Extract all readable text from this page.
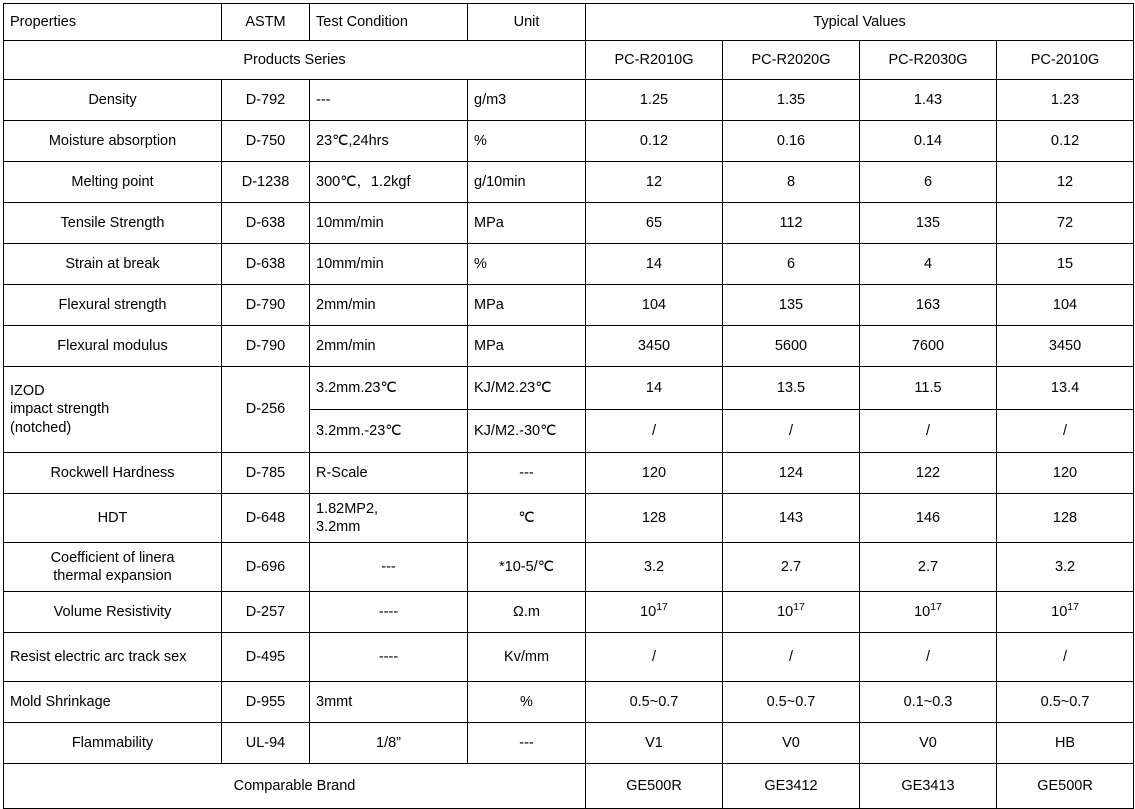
Properties	ASTM	Test Condition	Unit	Typical Values			
Products Series				PC-R2010G	PC-R2020G	PC-R2030G	PC-2010G
Density	D-792	---	g/m3	1.25	1.35	1.43	1.23
Moisture absorption	D-750	23℃,24hrs	%	0.12	0.16	0.14	0.12
Melting point	D-1238	300℃，1.2kgf	g/10min	12	8	6	12
Tensile Strength	D-638	10mm/min	MPa	65	112	135	72
Strain at break	D-638	10mm/min	%	14	6	4	15
Flexural strength	D-790	2mm/min	MPa	104	135	163	104
Flexural modulus	D-790	2mm/min	MPa	3450	5600	7600	3450

IZOD
impact strength
(notched)	D-256	3.2mm.23℃	KJ/M2.23℃	14	13.5	11.5	13.4
		3.2mm.-23℃	KJ/M2.-30℃	/	/	/	/
Rockwell Hardness	D-785	R-Scale	---	120	124	122	120
HDT	D-648	1.82MP2,
3.2mm	℃	128	143	146	128

Coefficient of linera
thermal expansion	D-696	---	*10-5/℃	3.2	2.7	2.7	3.2
Volume Resistivity	D-257	----	Ω.m	$10^{17}$	$10^{17}$	$10^{17}$	$10^{17}$
Resist electric arc track sex	D-495	----	Kv/mm	/	/	/	/
Mold Shrinkage	D-955	3mmt	%	0.5~0.7	0.5~0.7	0.1~0.3	0.5~0.7
Flammability	UL-94	1/8”	---	V1	V0	V0	HB
Comparable Brand				GE500R	GE3412	GE3413	GE500R
